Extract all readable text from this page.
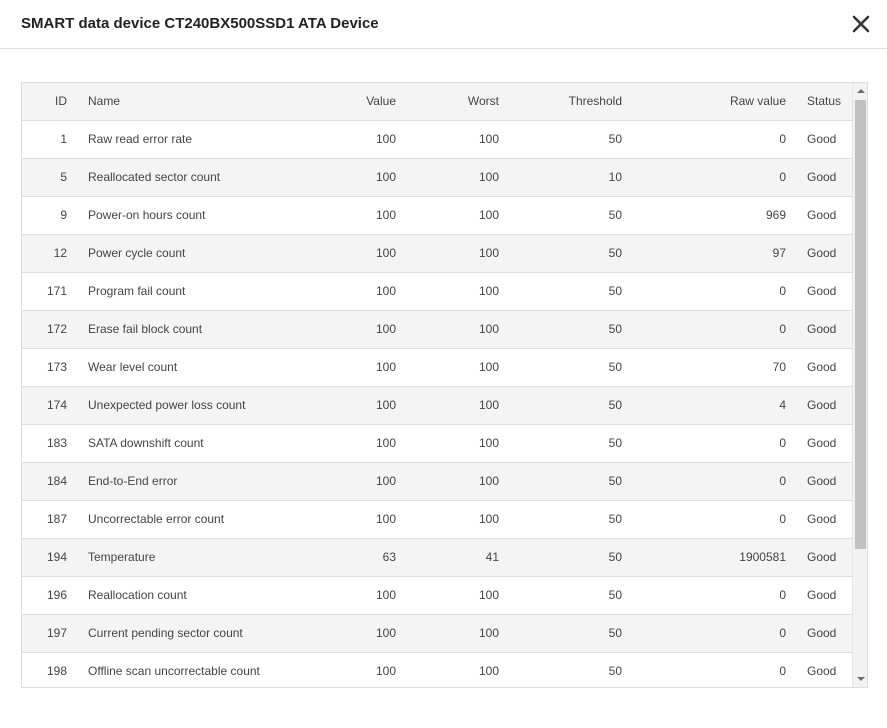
SMART data device CT240BX500SSD1 ATA Device
ID Name	Value	Worst	Threshold	Raw value Status
1 Raw read error rate	100	100	50	0 Good
5 Reallocated sector count	100	100	10	0 Good
9 Power-on hours count	100	100	50	969 Good
12 Power cycle count	100	100	50	97 Good
171 Program fail count	100	100	50	0 Good
172 Erase fail block count	100	100	50	0 Good
173 Wear level count	100	100	50	70 Good
174 Unexpected power loss count	100	100	50	4 Good
183 SATA downshift count	100	100	50	0 Good
184 End-to-End error	100	100	50	0 Good
187 Uncorrectable error count	100	100	50	0 Good
194 Temperature	63	41	50	1900581 Good
196 Reallocation count	100	100	50	0 Good
197 Current pending sector count	100	100	50	0 Good
198 Offline scan uncorrectable count	100	100	50	0 Good
